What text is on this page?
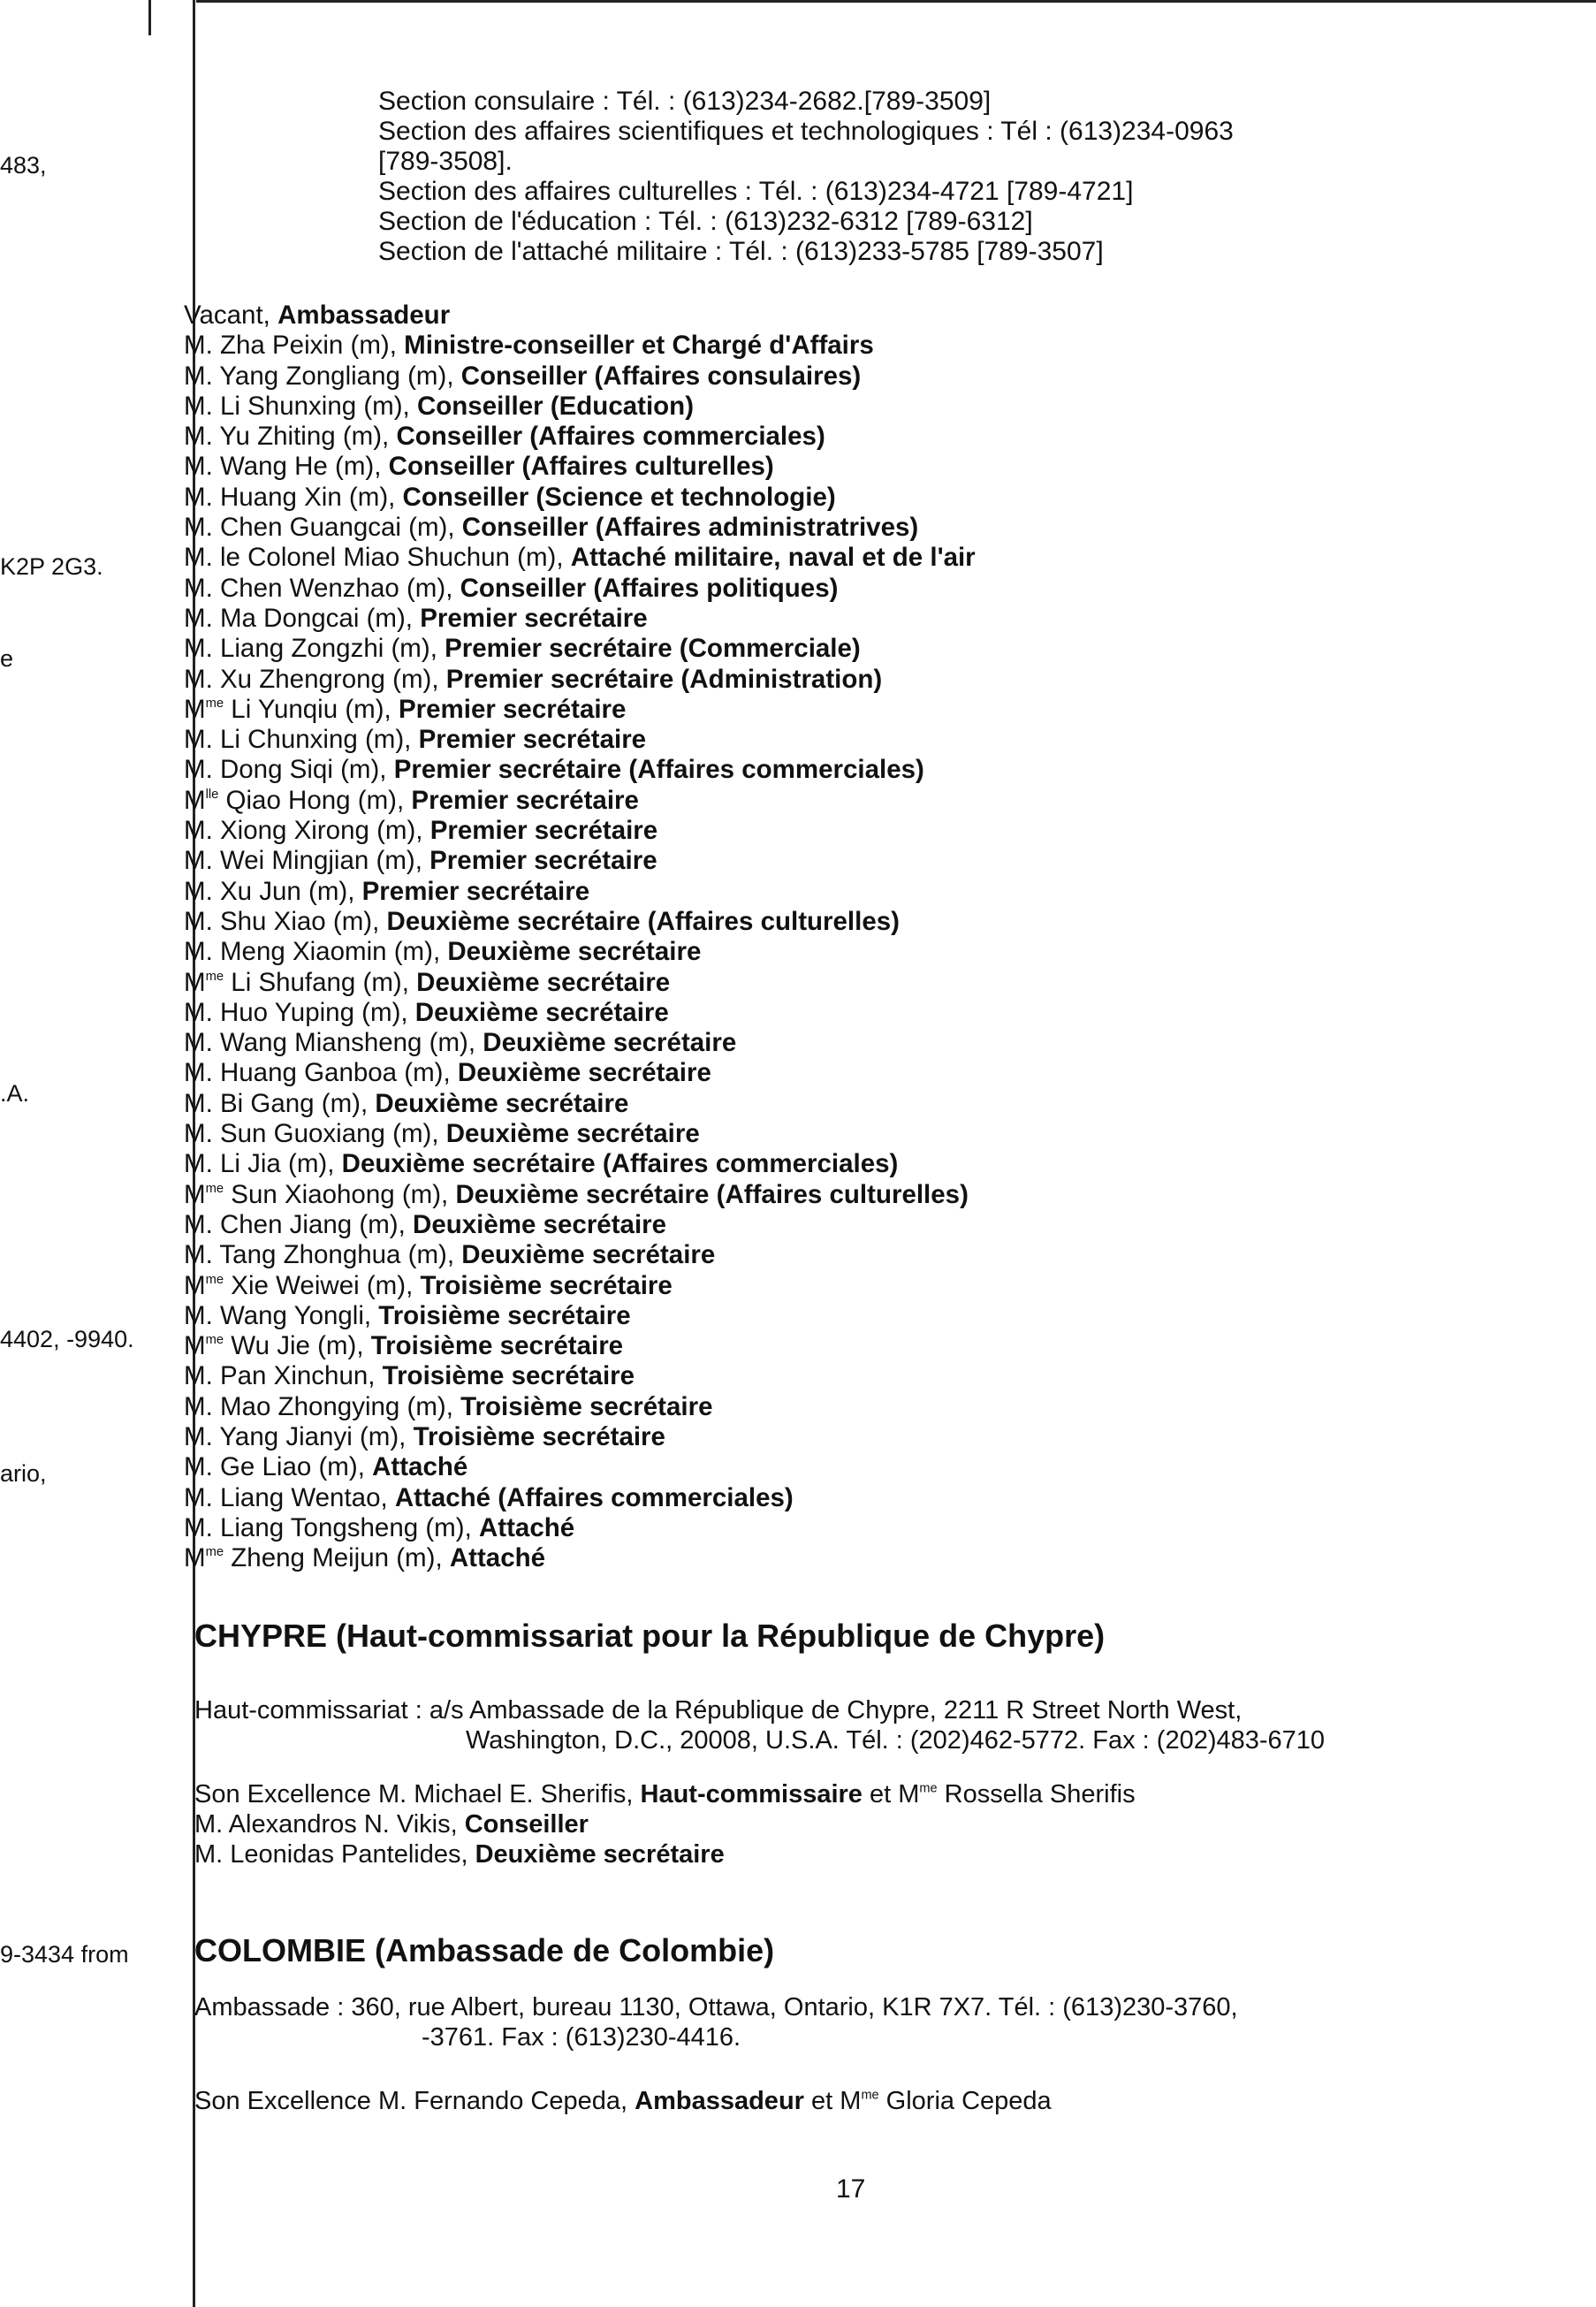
483,
K2P 2G3.
e
.A.
4402, -9940.
ario,
9-3434 from
Section consulaire : Tél. : (613)234-2682.[789-3509]
Section des affaires scientifiques et technologiques : Tél : (613)234-0963
[789-3508].
Section des affaires culturelles : Tél. : (613)234-4721 [789-4721]
Section de l'éducation : Tél. : (613)232-6312 [789-6312]
Section de l'attaché militaire : Tél. : (613)233-5785 [789-3507]
Vacant, Ambassadeur
M. Zha Peixin (m), Ministre-conseiller et Chargé d'Affairs
M. Yang Zongliang (m), Conseiller (Affaires consulaires)
M. Li Shunxing (m), Conseiller (Education)
M. Yu Zhiting (m), Conseiller (Affaires commerciales)
M. Wang He (m), Conseiller (Affaires culturelles)
M. Huang Xin (m), Conseiller (Science et technologie)
M. Chen Guangcai (m), Conseiller (Affaires administratrives)
M. le Colonel Miao Shuchun (m), Attaché militaire, naval et de l'air
M. Chen Wenzhao (m), Conseiller (Affaires politiques)
M. Ma Dongcai (m), Premier secrétaire
M. Liang Zongzhi (m), Premier secrétaire (Commerciale)
M. Xu Zhengrong (m), Premier secrétaire (Administration)
$M^{me}$ Li Yunqiu (m), Premier secrétaire
M. Li Chunxing (m), Premier secrétaire
M. Dong Siqi (m), Premier secrétaire (Affaires commerciales)
$M^{lle}$ Qiao Hong (m), Premier secrétaire
M. Xiong Xirong (m), Premier secrétaire
M. Wei Mingjian (m), Premier secrétaire
M. Xu Jun (m), Premier secrétaire
M. Shu Xiao (m), Deuxième secrétaire (Affaires culturelles)
M. Meng Xiaomin (m), Deuxième secrétaire
$M^{me}$ Li Shufang (m), Deuxième secrétaire
M. Huo Yuping (m), Deuxième secrétaire
M. Wang Miansheng (m), Deuxième secrétaire
M. Huang Ganboa (m), Deuxième secrétaire
M. Bi Gang (m), Deuxième secrétaire
M. Sun Guoxiang (m), Deuxième secrétaire
M. Li Jia (m), Deuxième secrétaire (Affaires commerciales)
$M^{me}$ Sun Xiaohong (m), Deuxième secrétaire (Affaires culturelles)
M. Chen Jiang (m), Deuxième secrétaire
M. Tang Zhonghua (m), Deuxième secrétaire
$M^{me}$ Xie Weiwei (m), Troisième secrétaire
M. Wang Yongli, Troisième secrétaire
$M^{me}$ Wu Jie (m), Troisième secrétaire
M. Pan Xinchun, Troisième secrétaire
M. Mao Zhongying (m), Troisième secrétaire
M. Yang Jianyi (m), Troisième secrétaire
M. Ge Liao (m), Attaché
M. Liang Wentao, Attaché (Affaires commerciales)
M. Liang Tongsheng (m), Attaché
$M^{me}$ Zheng Meijun (m), Attaché
CHYPRE (Haut-commissariat pour la République de Chypre)
Haut-commissariat : a/s Ambassade de la République de Chypre, 2211 R Street North West,
Washington, D.C., 20008, U.S.A. Tél. : (202)462-5772. Fax : (202)483-6710
Son Excellence M. Michael E. Sherifis, Haut-commissaire et $M^{me}$ Rossella Sherifis
M. Alexandros N. Vikis, Conseiller
M. Leonidas Pantelides, Deuxième secrétaire
COLOMBIE (Ambassade de Colombie)
Ambassade : 360, rue Albert, bureau 1130, Ottawa, Ontario, K1R 7X7. Tél. : (613)230-3760,
-3761. Fax : (613)230-4416.
Son Excellence M. Fernando Cepeda, Ambassadeur et $M^{me}$ Gloria Cepeda
17
